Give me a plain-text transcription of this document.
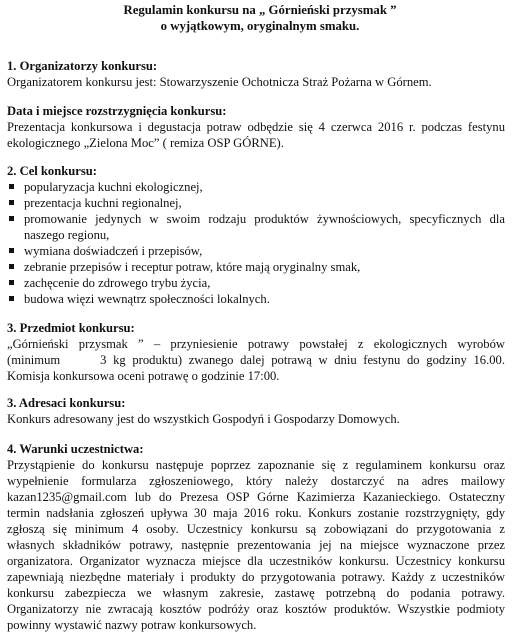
Regulamin konkursu na „ Górnieński przysmak ”
o wyjątkowym, oryginalnym smaku.

1. Organizatorzy konkursu:

Organizatorem konkursu jest: Stowarzyszenie Ochotnicza Straż Pożarna w Górnem.

Data i miejsce rozstrzygnięcia konkursu:

Prezentacja konkursowa i degustacja potraw odbędzie się 4 czerwca 2016 r. podczas festynu

ekologicznego „Zielona Moc” ( remiza OSP GÓRNE).

2. Cel konkursu:

popularyzacja kuchni ekologicznej,
prezentacja kuchni regionalnej,
promowanie jedynych w swoim rodzaju produktów żywnościowych, specyficznych dla
naszego regionu,
wymiana doświadczeń i przepisów,
zebranie przepisów i receptur potraw, które mają oryginalny smak,
zachęcenie do zdrowego trybu życia,
budowa więzi wewnątrz społeczności lokalnych.

3. Przedmiot konkursu:

„Górnieński przysmak ” – przyniesienie potrawy powstałej z ekologicznych wyrobów

(minimum      3 kg produktu) zwanego dalej potrawą w dniu festynu do godziny 16.00.

Komisja konkursowa oceni potrawę o godzinie 17:00.

3. Adresaci konkursu:

Konkurs adresowany jest do wszystkich Gospodyń i Gospodarzy Domowych.

4. Warunki uczestnictwa:

Przystąpienie do konkursu następuje poprzez zapoznanie się z regulaminem konkursu oraz

wypełnienie formularza zgłoszeniowego, który należy dostarczyć na adres mailowy

kazan1235@gmail.com lub do Prezesa OSP Górne Kazimierza Kazanieckiego. Ostateczny

termin nadsłania zgłoszeń upływa 30 maja 2016 roku. Konkurs zostanie rozstrzygnięty, gdy

zgłoszą się minimum 4 osoby. Uczestnicy konkursu są zobowiązani do przygotowania z

własnych składników potrawy, następnie prezentowania jej na miejsce wyznaczone przez

organizatora. Organizator wyznacza miejsce dla uczestników konkursu. Uczestnicy konkursu

zapewniają niezbędne materiały i produkty do przygotowania potrawy. Każdy z uczestników

konkursu zabezpiecza we własnym zakresie, zastawę potrzebną do podania potrawy.

Organizatorzy nie zwracają kosztów podróży oraz kosztów produktów. Wszystkie podmioty

powinny wystawić nazwy potraw konkursowych.
